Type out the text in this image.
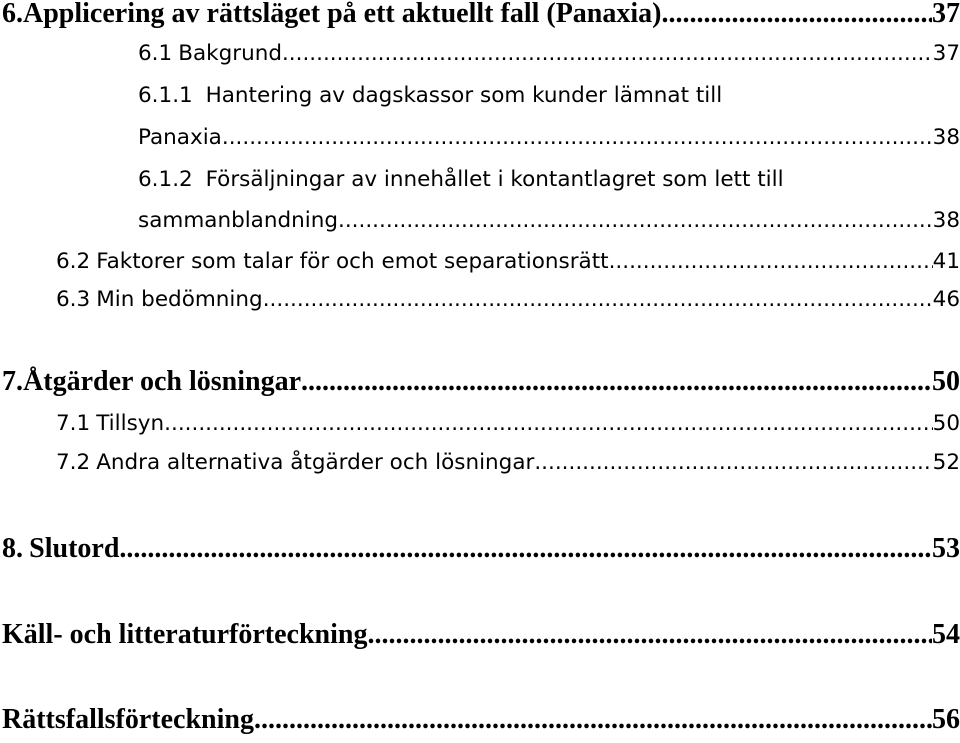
6. Applicering av rättsläget på ett aktuellt fall (Panaxia) .....	37
6.1 Bakgrund .....	37
6.1.1 Hantering av dagskassor som kunder lämnat till
Panaxia .....	38
6.1.2 Försäljningar av innehållet i kontantlagret som lett till
sammanblandning .....	38
6.2 Faktorer som talar för och emot separationsrätt .....	41
6.3 Min bedömning .....	46
7. Åtgärder och lösningar .....	50
7.1 Tillsyn .....	50
7.2 Andra alternativa åtgärder och lösningar .....	52
8. Slutord .....	53
Käll- och litteraturförteckning .....	54
Rättsfallsförteckning .....	56
